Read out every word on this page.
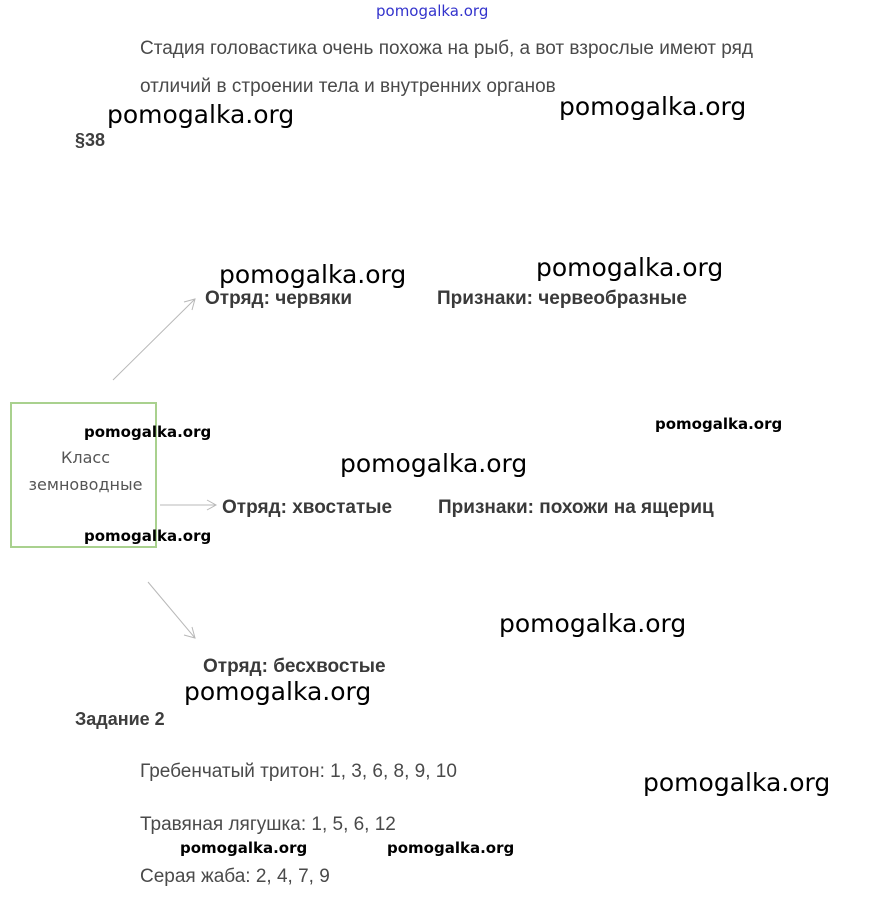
pomogalka.org
Стадия головастика очень похожа на рыб, а вот взрослые имеют ряд
отличий в строении тела и внутренних органов
§38
Класс
земноводные
Отряд: червяки	Признаки: червеобразные
Отряд: хвостатые Признаки: похожи на ящериц
Отряд: бесхвостые
Задание 2
Гребенчатый тритон: 1, 3, 6, 8, 9, 10
Травяная лягушка: 1, 5, 6, 12
Серая жаба: 2, 4, 7, 9
pomogalka.org	pomogalka.org
pomogalka.org	pomogalka.org
pomogalka.org	pomogalka.org
pomogalka.org
pomogalka.org
pomogalka.org
pomogalka.org
pomogalka.org
pomogalka.org	pomogalka.org
